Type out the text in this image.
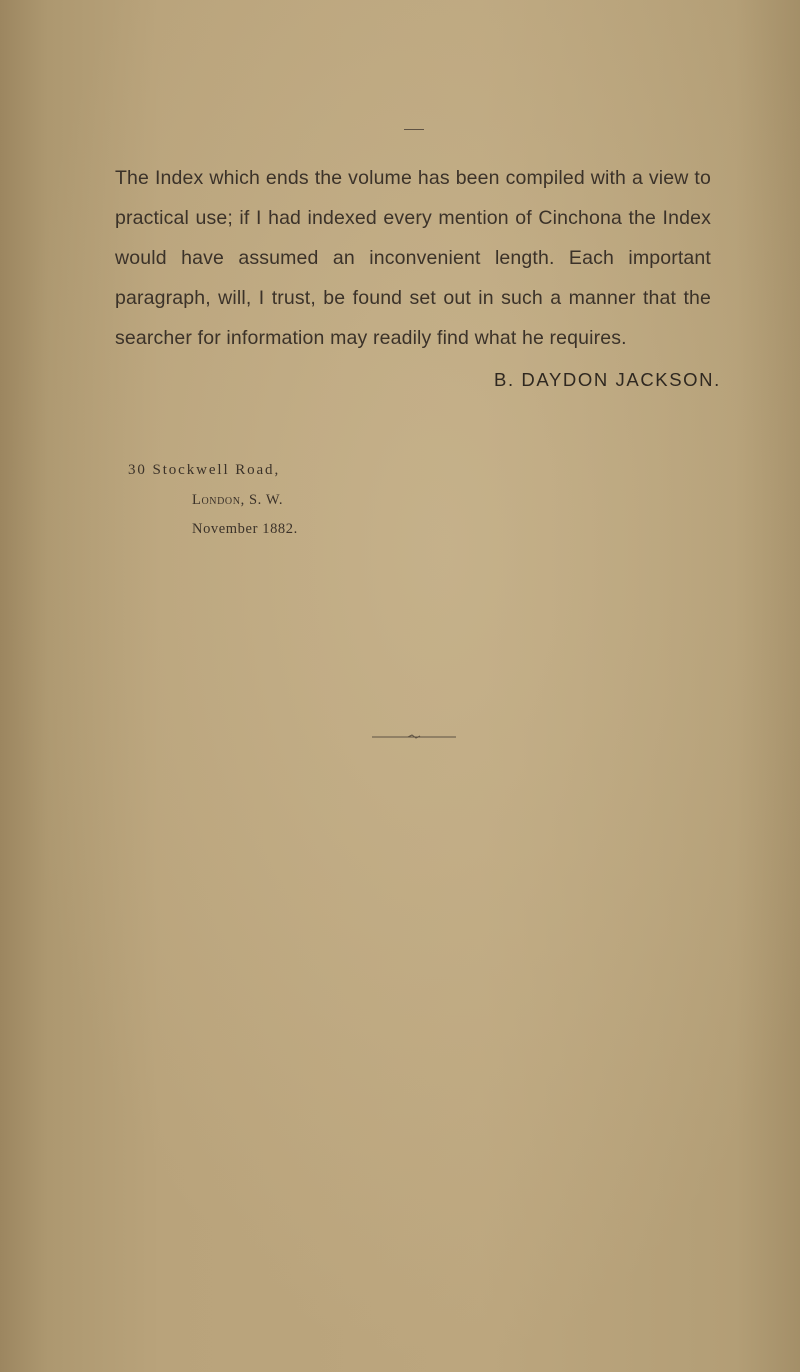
The Index which ends the volume has been compiled with a view to practical use; if I had indexed every mention of Cinchona the Index would have assumed an inconvenient length. Each important paragraph, will, I trust, be found set out in such a manner that the searcher for information may readily find what he requires.

B. DAYDON JACKSON.

30 Stockwell Road,

London, S. W.

November 1882.
